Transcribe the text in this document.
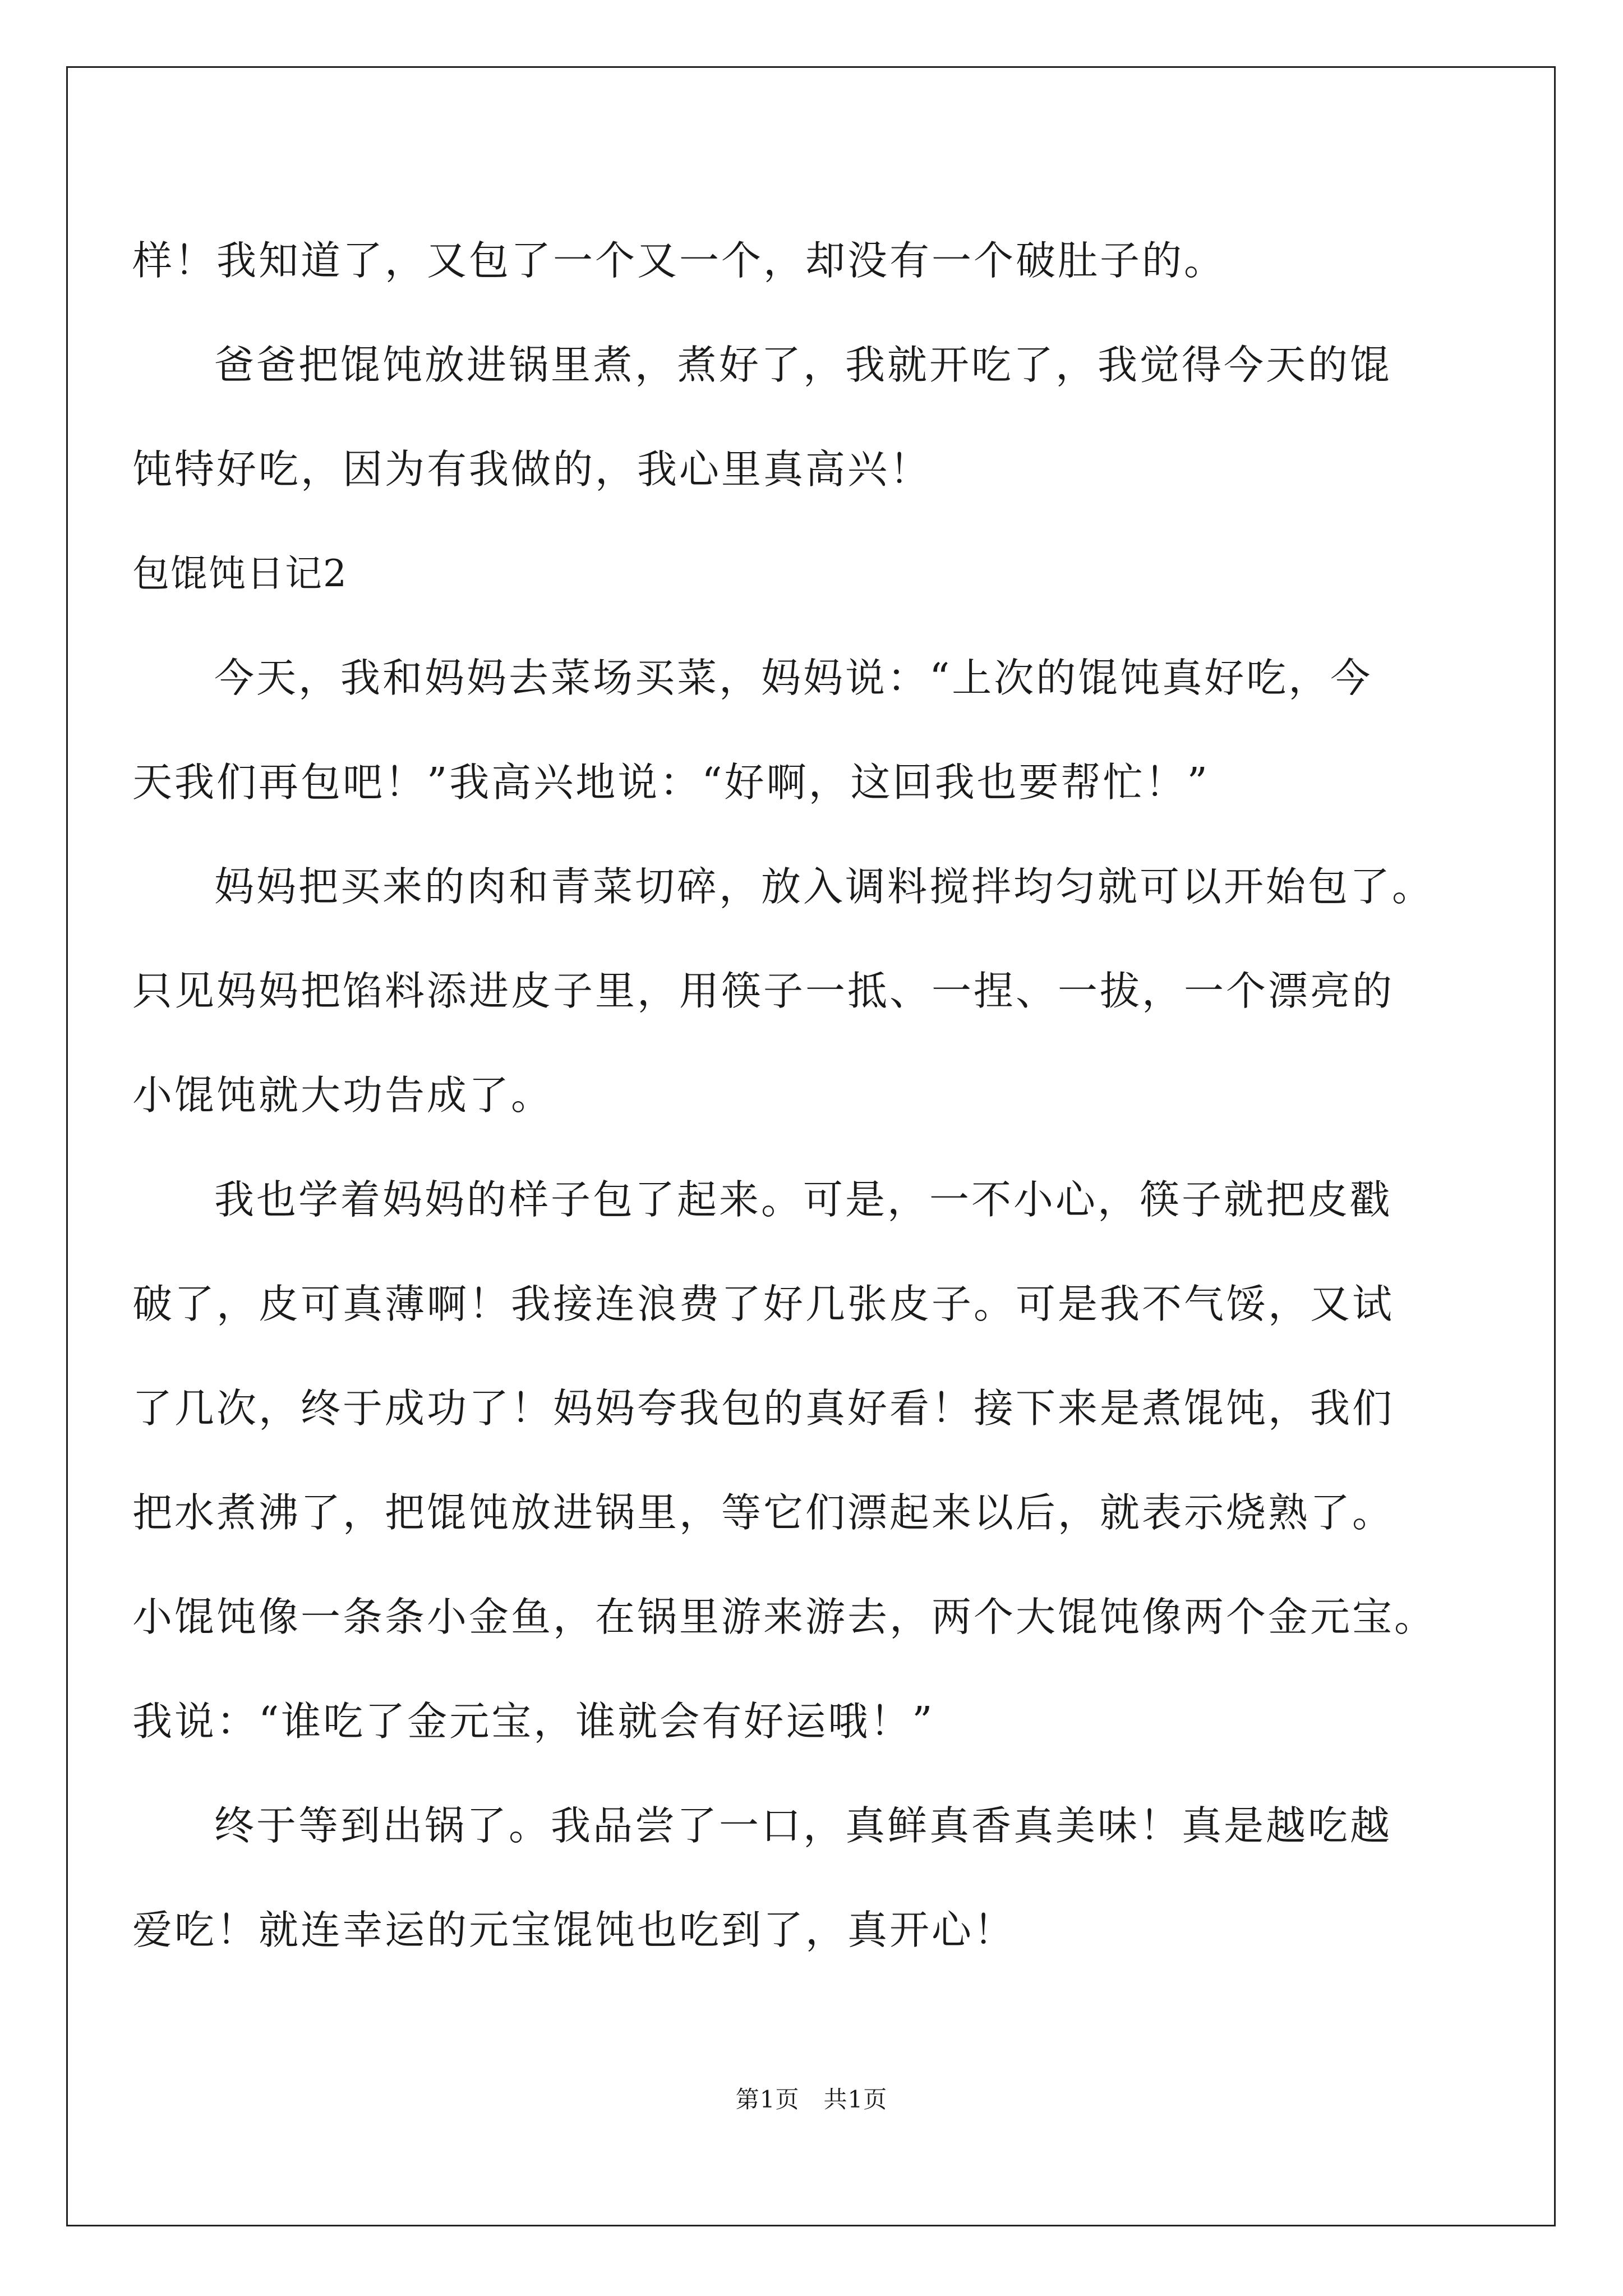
样！我知道了，又包了一个又一个，却没有一个破肚子的。
爸爸把馄饨放进锅里煮，煮好了，我就开吃了，我觉得今天的馄
饨特好吃，因为有我做的，我心里真高兴！
包馄饨日记2
今天，我和妈妈去菜场买菜，妈妈说：“上次的馄饨真好吃，今
天我们再包吧！”我高兴地说：“好啊，这回我也要帮忙！”
妈妈把买来的肉和青菜切碎，放入调料搅拌均匀就可以开始包了。
只见妈妈把馅料添进皮子里，用筷子一抵、一捏、一拔，一个漂亮的
小馄饨就大功告成了。
我也学着妈妈的样子包了起来。可是，一不小心，筷子就把皮戳
破了，皮可真薄啊！我接连浪费了好几张皮子。可是我不气馁，又试
了几次，终于成功了！妈妈夸我包的真好看！接下来是煮馄饨，我们
把水煮沸了，把馄饨放进锅里，等它们漂起来以后，就表示烧熟了。
小馄饨像一条条小金鱼，在锅里游来游去，两个大馄饨像两个金元宝。
我说：“谁吃了金元宝，谁就会有好运哦！”
终于等到出锅了。我品尝了一口，真鲜真香真美味！真是越吃越
爱吃！就连幸运的元宝馄饨也吃到了，真开心！
第1页　共1页
